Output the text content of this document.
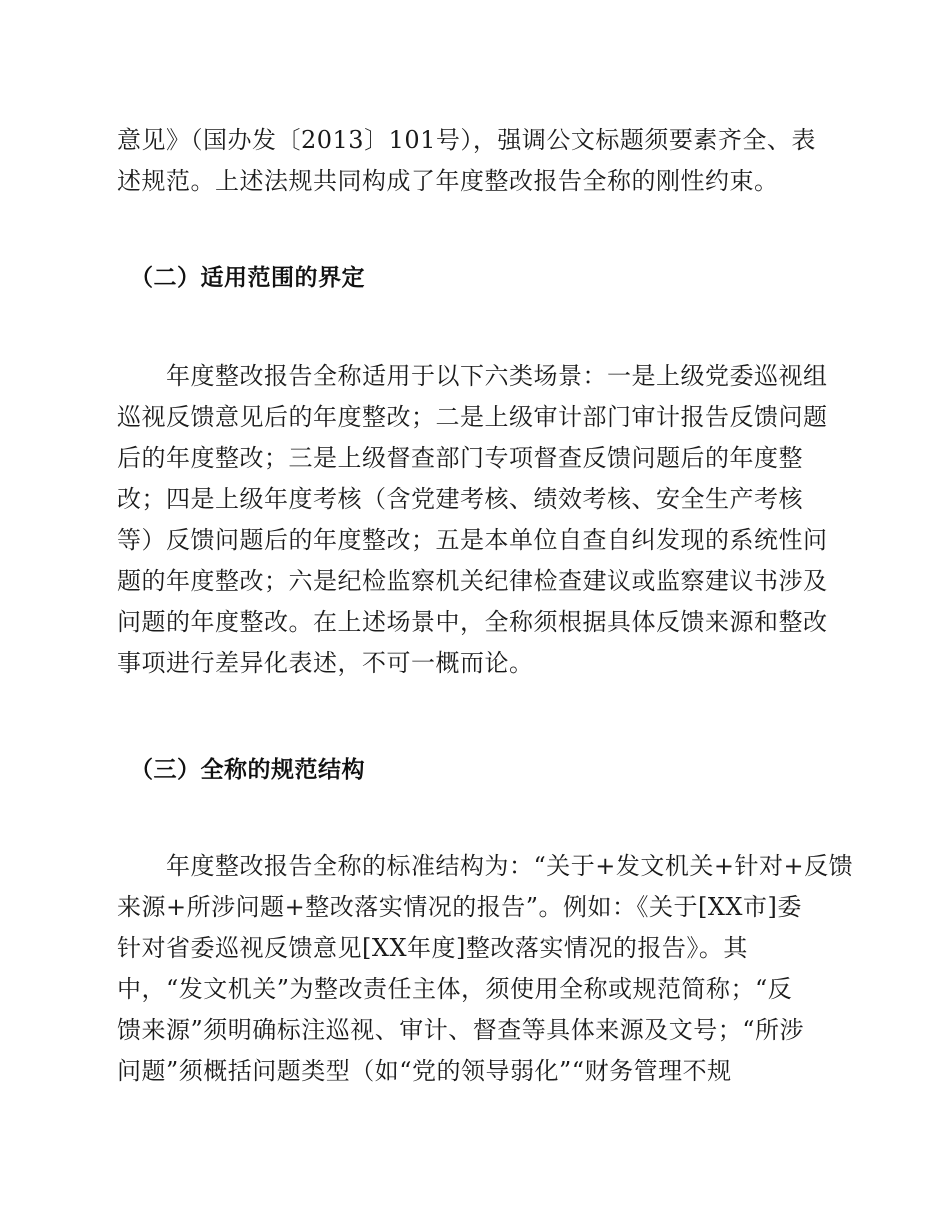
意见》（国办发〔2013〕101号），强调公文标题须要素齐全、表
述规范。上述法规共同构成了年度整改报告全称的刚性约束。

（二）适用范围的界定

　　年度整改报告全称适用于以下六类场景：一是上级党委巡视组
巡视反馈意见后的年度整改；二是上级审计部门审计报告反馈问题
后的年度整改；三是上级督查部门专项督查反馈问题后的年度整
改；四是上级年度考核（含党建考核、绩效考核、安全生产考核
等）反馈问题后的年度整改；五是本单位自查自纠发现的系统性问
题的年度整改；六是纪检监察机关纪律检查建议或监察建议书涉及
问题的年度整改。在上述场景中，全称须根据具体反馈来源和整改
事项进行差异化表述，不可一概而论。

（三）全称的规范结构

　　年度整改报告全称的标准结构为：“关于+发文机关+针对+反馈
来源+所涉问题+整改落实情况的报告”。例如：《关于[XX市]委
针对省委巡视反馈意见[XX年度]整改落实情况的报告》。其
中，“发文机关”为整改责任主体，须使用全称或规范简称；“反
馈来源”须明确标注巡视、审计、督查等具体来源及文号；“所涉
问题”须概括问题类型（如“党的领导弱化”“财务管理不规
